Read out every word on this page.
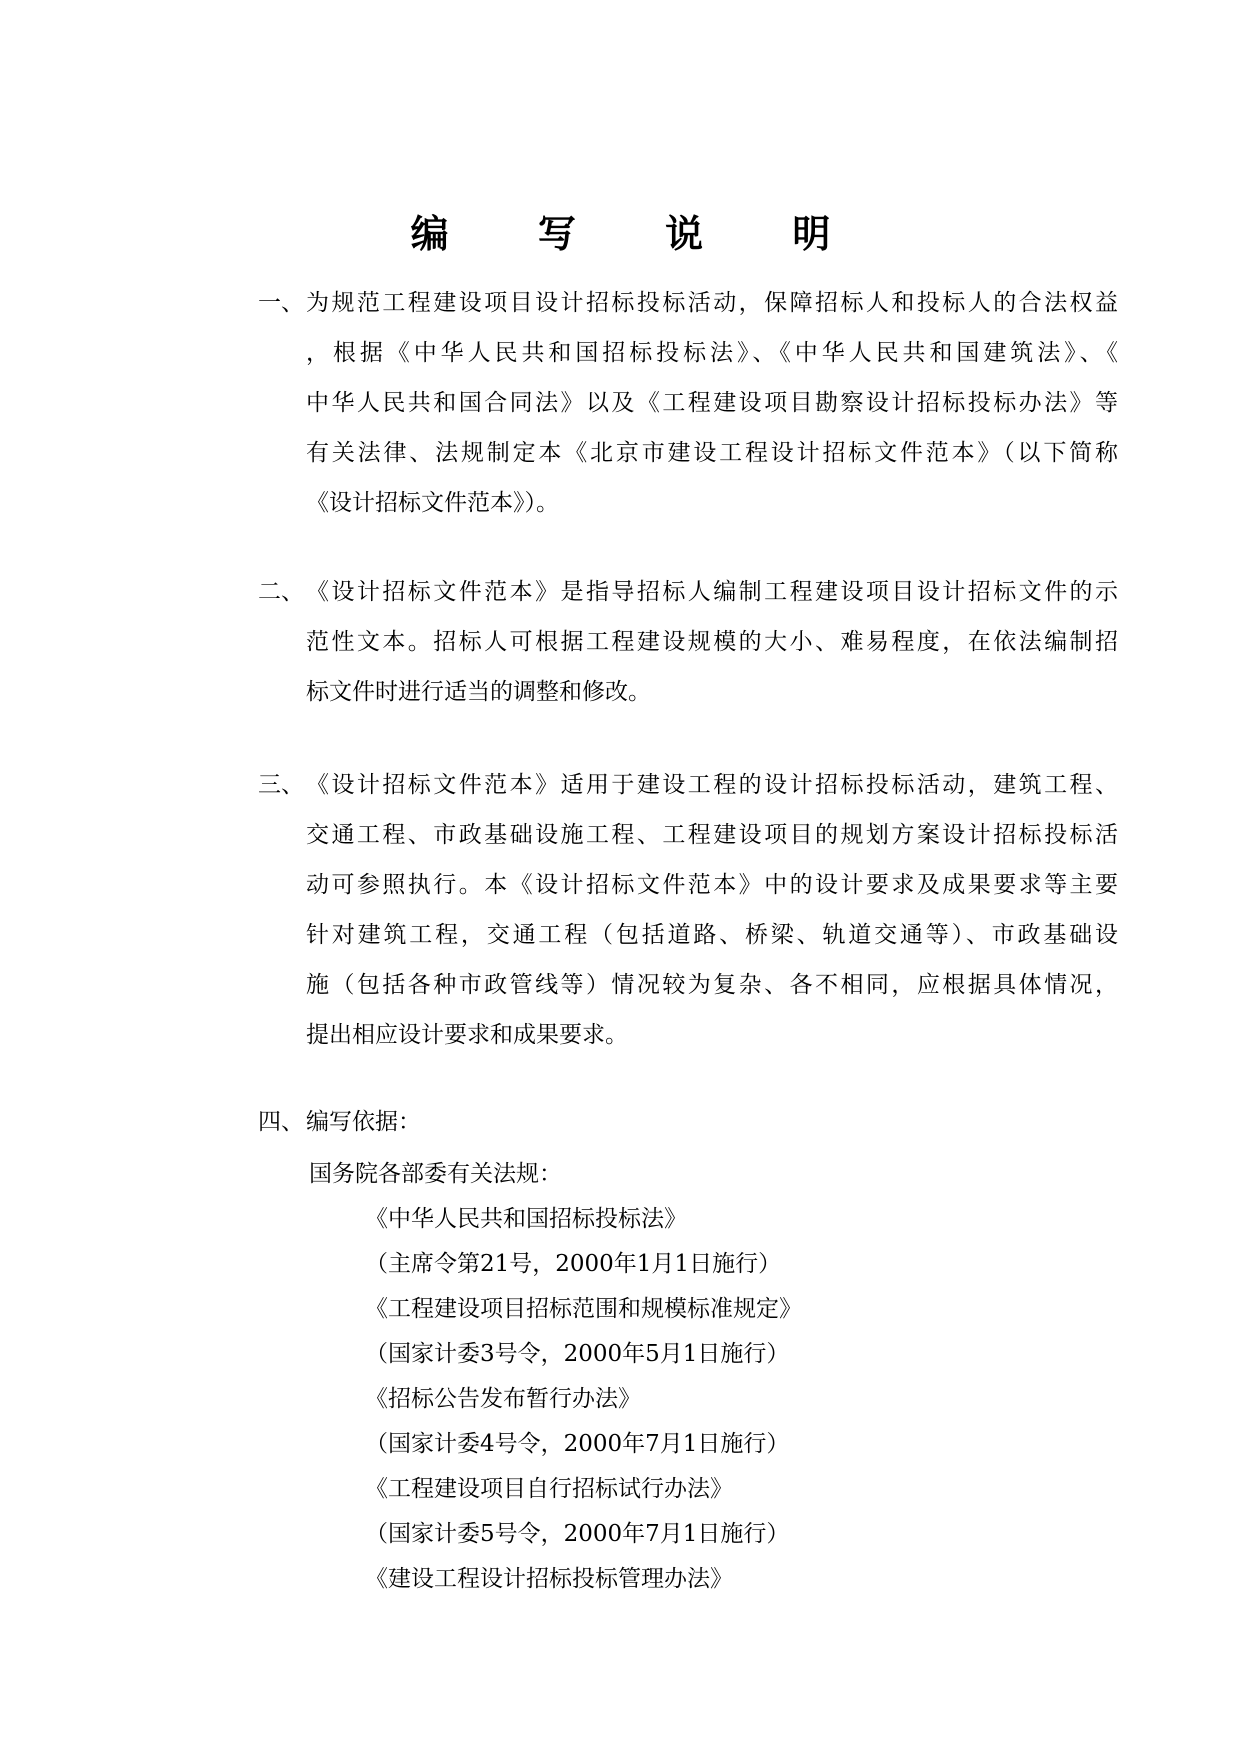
编 写 说 明
一、 为规范工程建设项目设计招标投标活动，保障招标人和投标人的合法权益
，根据《中华人民共和国招标投标法》、《中华人民共和国建筑法》、《
中华人民共和国合同法》以及《工程建设项目勘察设计招标投标办法》等
有关法律、法规制定本《北京市建设工程设计招标文件范本》（以下简称
《设计招标文件范本》）。
二、 《设计招标文件范本》是指导招标人编制工程建设项目设计招标文件的示
范性文本。招标人可根据工程建设规模的大小、难易程度，在依法编制招
标文件时进行适当的调整和修改。
三、 《设计招标文件范本》适用于建设工程的设计招标投标活动，建筑工程、
交通工程、市政基础设施工程、工程建设项目的规划方案设计招标投标活
动可参照执行。本《设计招标文件范本》中的设计要求及成果要求等主要
针对建筑工程，交通工程（包括道路、桥梁、轨道交通等）、市政基础设
施（包括各种市政管线等）情况较为复杂、各不相同，应根据具体情况，
提出相应设计要求和成果要求。
四、 编写依据：
国务院各部委有关法规：
《中华人民共和国招标投标法》
（主席令第21号，2000年1月1日施行）
《工程建设项目招标范围和规模标准规定》
（国家计委3号令，2000年5月1日施行）
《招标公告发布暂行办法》
（国家计委4号令，2000年7月1日施行）
《工程建设项目自行招标试行办法》
（国家计委5号令，2000年7月1日施行）
《建设工程设计招标投标管理办法》
